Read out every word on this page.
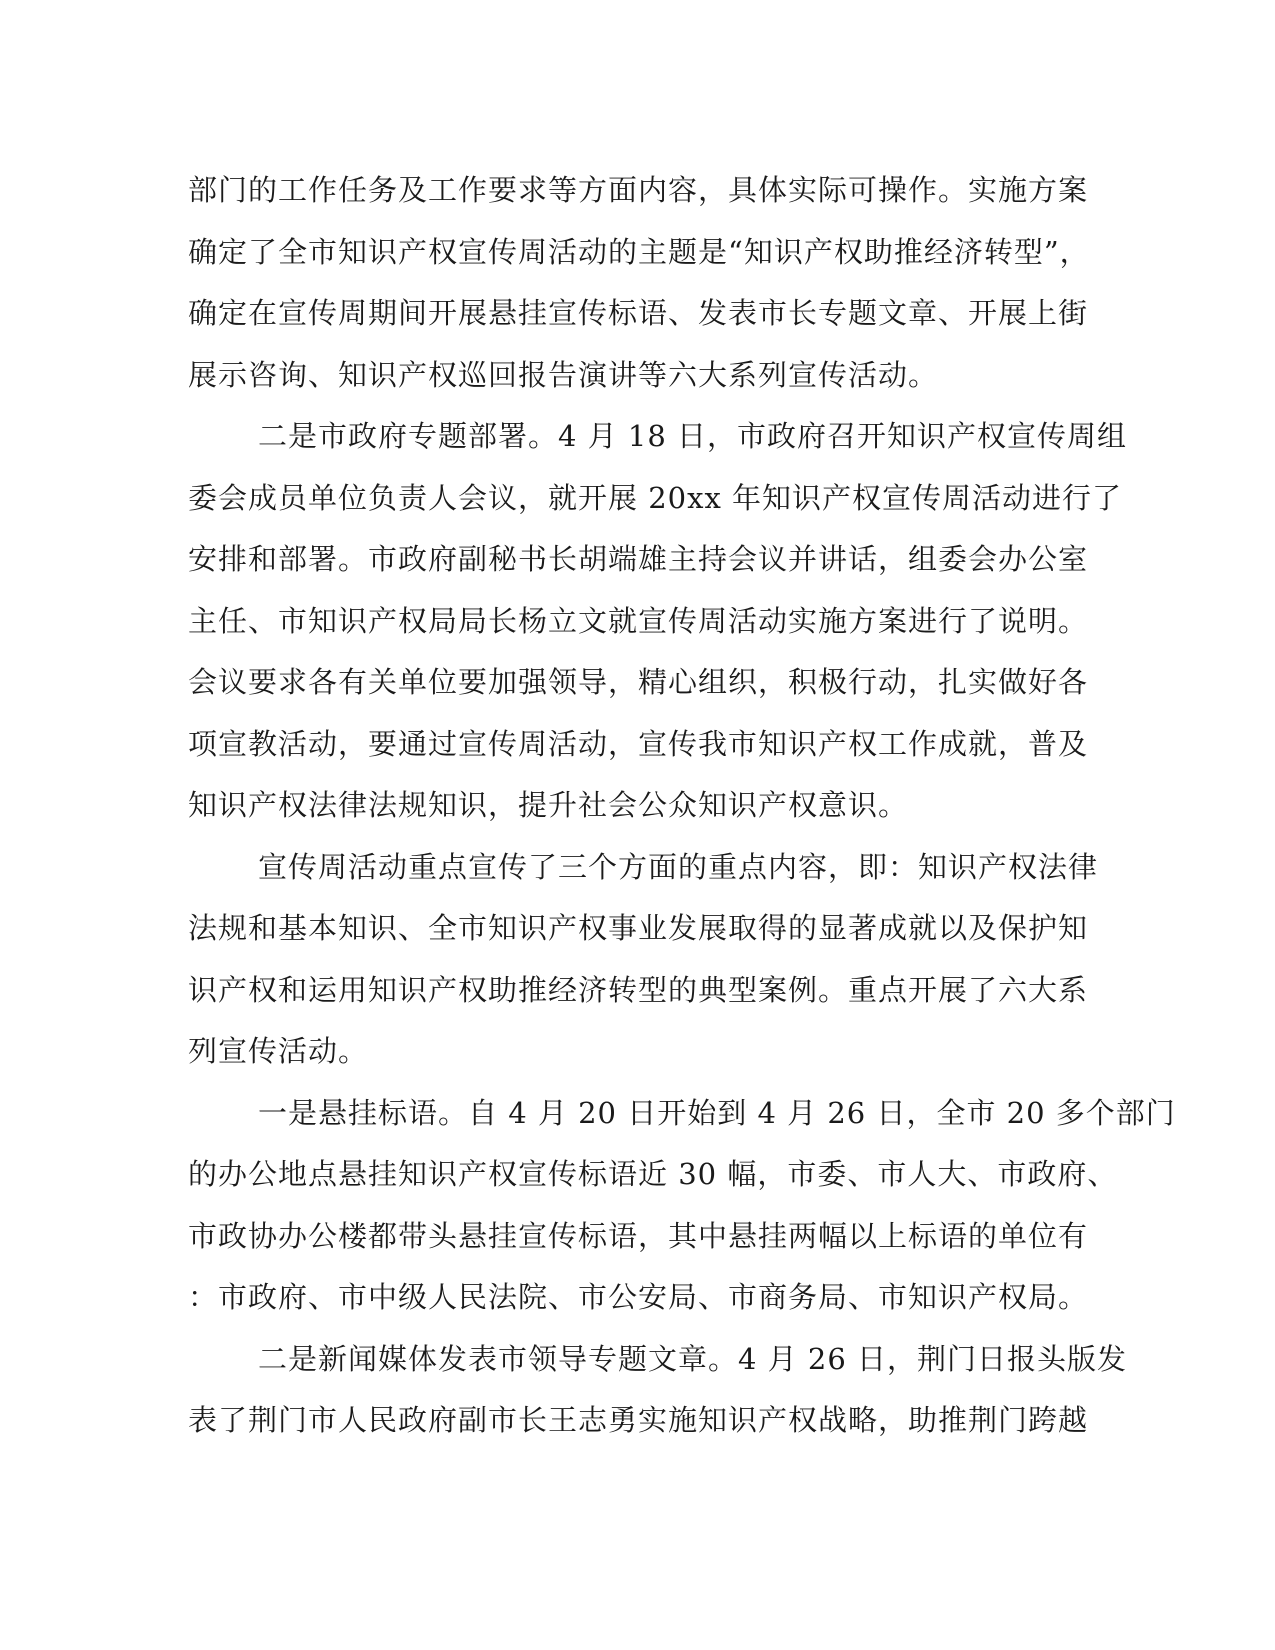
部门的工作任务及工作要求等方面内容，具体实际可操作。实施方案
确定了全市知识产权宣传周活动的主题是“知识产权助推经济转型”，
确定在宣传周期间开展悬挂宣传标语、发表市长专题文章、开展上街
展示咨询、知识产权巡回报告演讲等六大系列宣传活动。
二是市政府专题部署。4 月 18 日，市政府召开知识产权宣传周组
委会成员单位负责人会议，就开展 20xx 年知识产权宣传周活动进行了
安排和部署。市政府副秘书长胡端雄主持会议并讲话，组委会办公室
主任、市知识产权局局长杨立文就宣传周活动实施方案进行了说明。
会议要求各有关单位要加强领导，精心组织，积极行动，扎实做好各
项宣教活动，要通过宣传周活动，宣传我市知识产权工作成就，普及
知识产权法律法规知识，提升社会公众知识产权意识。
宣传周活动重点宣传了三个方面的重点内容，即：知识产权法律
法规和基本知识、全市知识产权事业发展取得的显著成就以及保护知
识产权和运用知识产权助推经济转型的典型案例。重点开展了六大系
列宣传活动。
一是悬挂标语。自 4 月 20 日开始到 4 月 26 日，全市 20 多个部门
的办公地点悬挂知识产权宣传标语近 30 幅，市委、市人大、市政府、
市政协办公楼都带头悬挂宣传标语，其中悬挂两幅以上标语的单位有
：市政府、市中级人民法院、市公安局、市商务局、市知识产权局。
二是新闻媒体发表市领导专题文章。4 月 26 日，荆门日报头版发
表了荆门市人民政府副市长王志勇实施知识产权战略，助推荆门跨越
